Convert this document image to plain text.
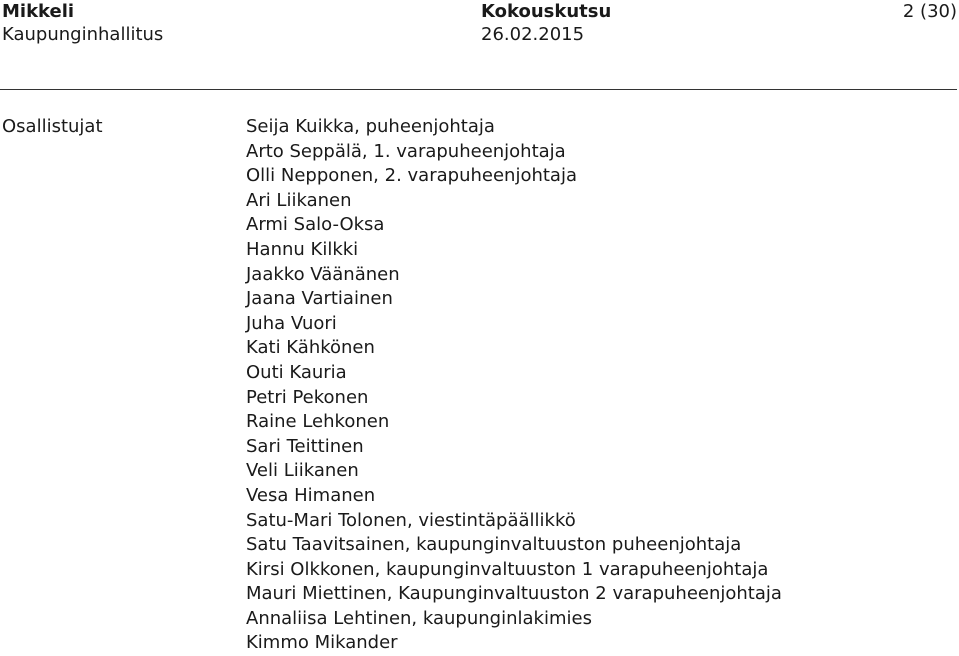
Mikkeli	Kokouskutsu	2 (30)
Kaupunginhallitus	26.02.2015
Osallistujat	Seija Kuikka, puheenjohtaja
Arto Seppälä, 1. varapuheenjohtaja
Olli Nepponen, 2. varapuheenjohtaja
Ari Liikanen
Armi Salo-Oksa
Hannu Kilkki
Jaakko Väänänen
Jaana Vartiainen
Juha Vuori
Kati Kähkönen
Outi Kauria
Petri Pekonen
Raine Lehkonen
Sari Teittinen
Veli Liikanen
Vesa Himanen
Satu-Mari Tolonen, viestintäpäällikkö
Satu Taavitsainen, kaupunginvaltuuston puheenjohtaja
Kirsi Olkkonen, kaupunginvaltuuston 1 varapuheenjohtaja
Mauri Miettinen, Kaupunginvaltuuston 2 varapuheenjohtaja
Annaliisa Lehtinen, kaupunginlakimies
Kimmo Mikander
